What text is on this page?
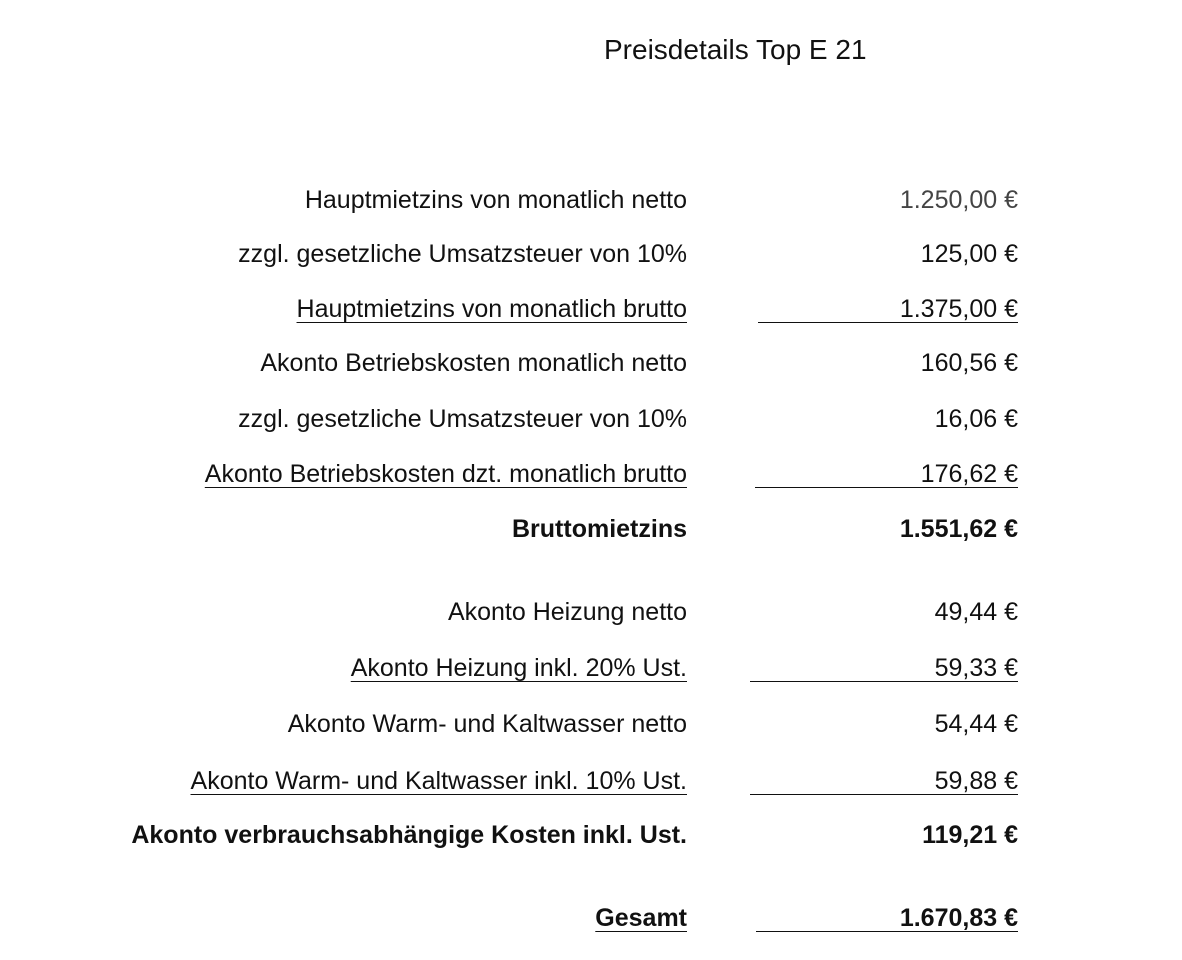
Preisdetails Top E 21
Hauptmietzins von monatlich netto	1.250,00 €
zzgl. gesetzliche Umsatzsteuer von 10%	125,00 €
Hauptmietzins von monatlich brutto	1.375,00 €
Akonto Betriebskosten monatlich netto	160,56 €
zzgl. gesetzliche Umsatzsteuer von 10%	16,06 €
Akonto Betriebskosten dzt. monatlich brutto	176,62 €
Bruttomietzins	1.551,62 €
Akonto Heizung netto	49,44 €
Akonto Heizung inkl. 20% Ust.	59,33 €
Akonto Warm- und Kaltwasser netto	54,44 €
Akonto Warm- und Kaltwasser inkl. 10% Ust.	59,88 €
Akonto verbrauchsabhängige Kosten inkl. Ust.	119,21 €
Gesamt	1.670,83 €
